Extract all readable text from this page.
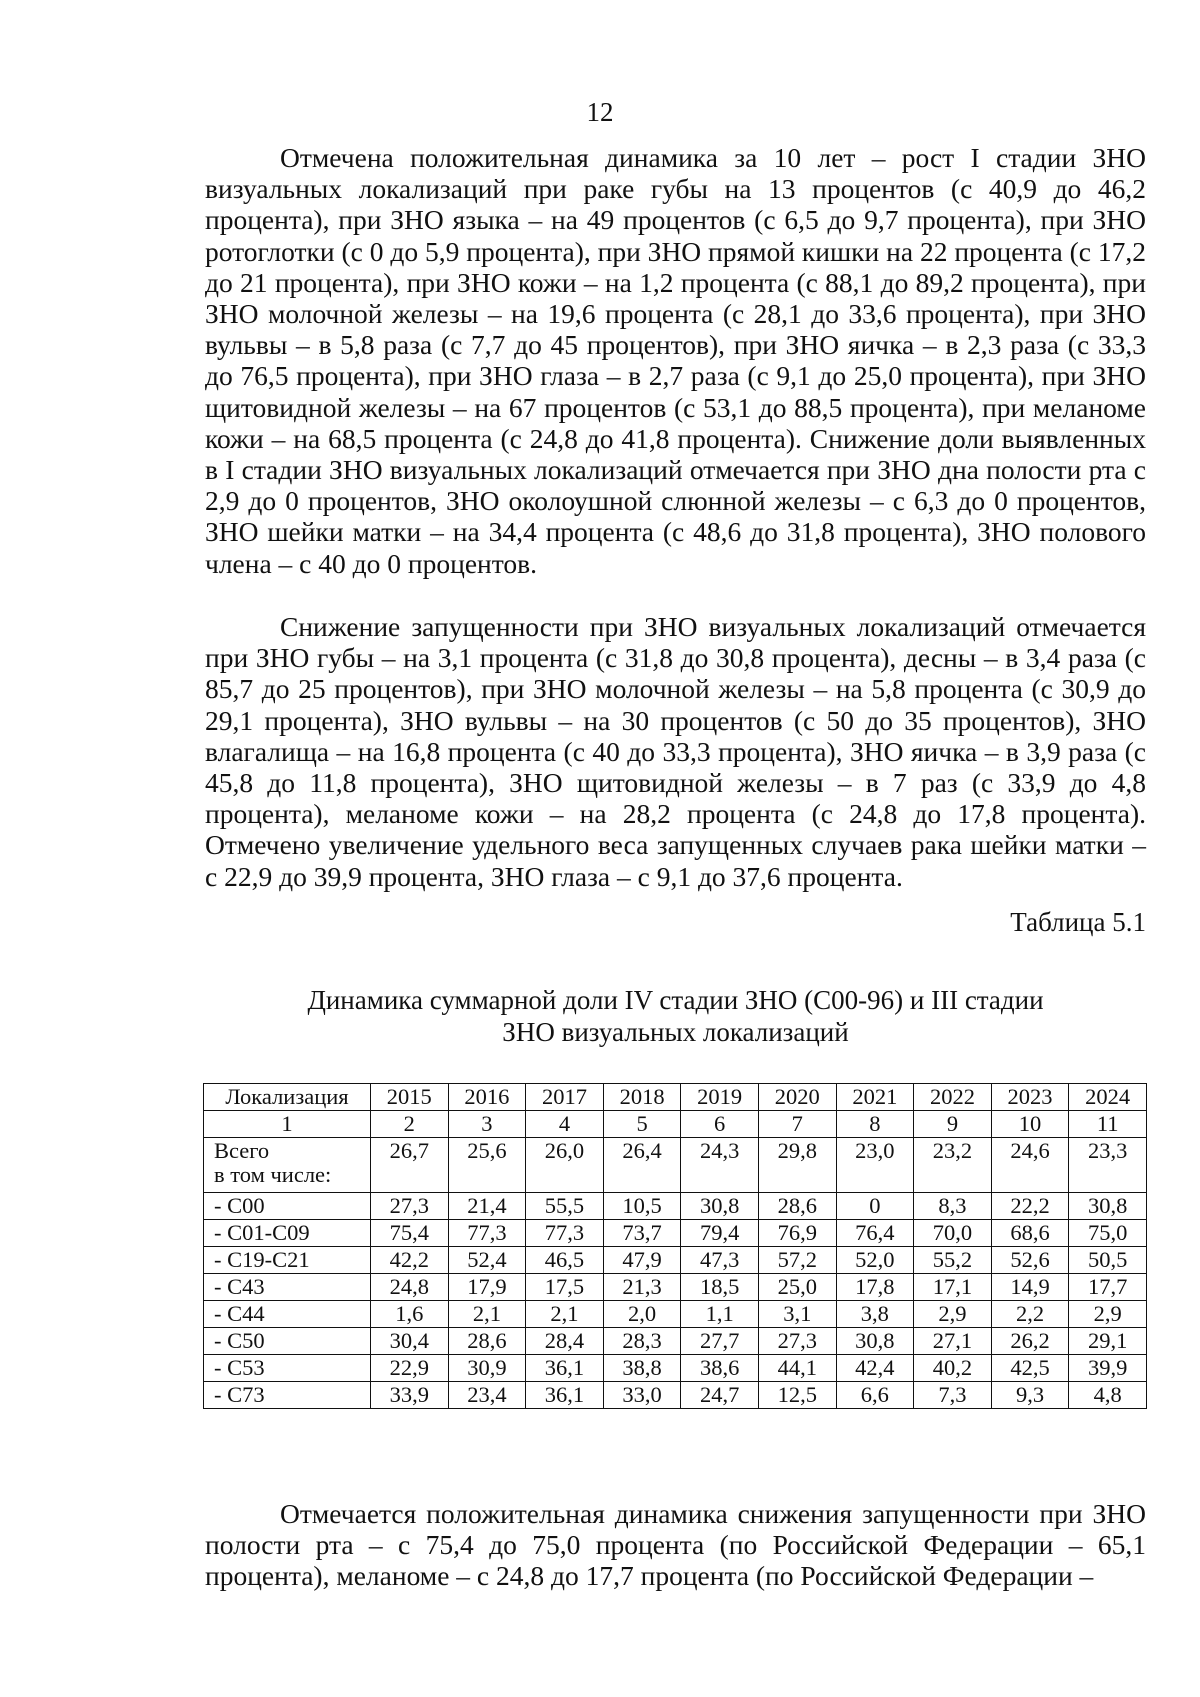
12

Отмечена положительная динамика за 10 лет – рост I стадии ЗНО визуальных локализаций при раке губы на 13 процентов (с 40,9 до 46,2 процента), при ЗНО языка – на 49 процентов (с 6,5 до 9,7 процента), при ЗНО ротоглотки (с 0 до 5,9 процента), при ЗНО прямой кишки на 22 процента (с 17,2 до 21 процента), при ЗНО кожи – на 1,2 процента (с 88,1 до 89,2 процента), при ЗНО молочной железы – на 19,6 процента (с 28,1 до 33,6 процента), при ЗНО вульвы – в 5,8 раза (с 7,7 до 45 процентов), при ЗНО яичка – в 2,3 раза (с 33,3 до 76,5 процента), при ЗНО глаза – в 2,7 раза (с 9,1 до 25,0 процента), при ЗНО щитовидной железы – на 67 процентов (с 53,1 до 88,5 процента), при меланоме кожи – на 68,5 процента (с 24,8 до 41,8 процента). Снижение доли выявленных в I стадии ЗНО визуальных локализаций отмечается при ЗНО дна полости рта с 2,9 до 0 процентов, ЗНО околоушной слюнной железы – с 6,3 до 0 процентов, ЗНО шейки матки – на 34,4 процента (с 48,6 до 31,8 процента), ЗНО полового члена – с 40 до 0 процентов.

Снижение запущенности при ЗНО визуальных локализаций отмечается при ЗНО губы – на 3,1 процента (с 31,8 до 30,8 процента), десны – в 3,4 раза (с 85,7 до 25 процентов), при ЗНО молочной железы – на 5,8 процента (с 30,9 до 29,1 процента), ЗНО вульвы – на 30 процентов (с 50 до 35 процентов), ЗНО влагалища – на 16,8 процента (с 40 до 33,3 процента), ЗНО яичка – в 3,9 раза (с 45,8 до 11,8 процента), ЗНО щитовидной железы – в 7 раз (с 33,9 до 4,8 процента), меланоме кожи – на 28,2 процента (с 24,8 до 17,8 процента). Отмечено увеличение удельного веса запущенных случаев рака шейки матки – с 22,9 до 39,9 процента, ЗНО глаза – с 9,1 до 37,6 процента.

Таблица 5.1
Динамика суммарной доли IV стадии ЗНО (С00-96) и III стадии
ЗНО визуальных локализаций
Локализация	2015	2016	2017	2018	2019	2020	2021	2022	2023	2024
1	2	3	4	5	6	7	8	9	10	11

Всего
в том числе:	26,7	25,6	26,0	26,4	24,3	29,8	23,0	23,2	24,6	23,3
- С00	27,3	21,4	55,5	10,5	30,8	28,6	0	8,3	22,2	30,8
- С01-С09	75,4	77,3	77,3	73,7	79,4	76,9	76,4	70,0	68,6	75,0
- С19-С21	42,2	52,4	46,5	47,9	47,3	57,2	52,0	55,2	52,6	50,5
- С43	24,8	17,9	17,5	21,3	18,5	25,0	17,8	17,1	14,9	17,7
- С44	1,6	2,1	2,1	2,0	1,1	3,1	3,8	2,9	2,2	2,9
- С50	30,4	28,6	28,4	28,3	27,7	27,3	30,8	27,1	26,2	29,1
- С53	22,9	30,9	36,1	38,8	38,6	44,1	42,4	40,2	42,5	39,9
- С73	33,9	23,4	36,1	33,0	24,7	12,5	6,6	7,3	9,3	4,8

Отмечается положительная динамика снижения запущенности при ЗНО полости рта – с 75,4 до 75,0 процента (по Российской Федерации – 65,1 процента), меланоме – с 24,8 до 17,7 процента (по Российской Федерации –
